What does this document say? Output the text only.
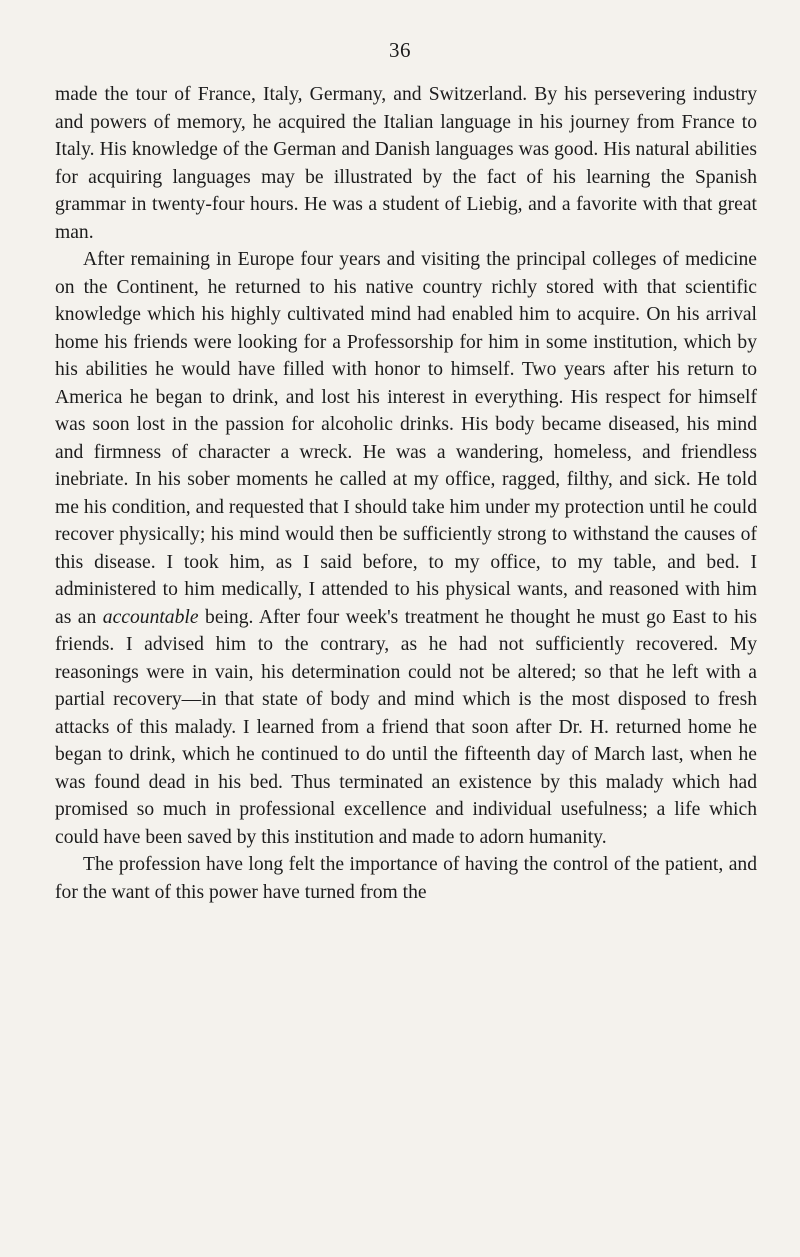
36

made the tour of France, Italy, Germany, and Switzerland. By his persevering industry and powers of memory, he acquired the Italian language in his journey from France to Italy. His knowledge of the German and Danish languages was good. His natural abilities for acquiring languages may be illustrated by the fact of his learning the Spanish grammar in twenty-four hours. He was a student of Liebig, and a favorite with that great man.

After remaining in Europe four years and visiting the principal colleges of medicine on the Continent, he returned to his native country richly stored with that scientific knowledge which his highly cultivated mind had enabled him to acquire. On his arrival home his friends were looking for a Professorship for him in some institution, which by his abilities he would have filled with honor to himself. Two years after his return to America he began to drink, and lost his interest in everything. His respect for himself was soon lost in the passion for alcoholic drinks. His body became diseased, his mind and firmness of character a wreck. He was a wandering, homeless, and friendless inebriate. In his sober moments he called at my office, ragged, filthy, and sick. He told me his condition, and requested that I should take him under my protection until he could recover physically; his mind would then be sufficiently strong to withstand the causes of this disease. I took him, as I said before, to my office, to my table, and bed. I administered to him medically, I attended to his physical wants, and reasoned with him as an accountable being. After four week's treatment he thought he must go East to his friends. I advised him to the contrary, as he had not sufficiently recovered. My reasonings were in vain, his determination could not be altered; so that he left with a partial recovery—in that state of body and mind which is the most disposed to fresh attacks of this malady. I learned from a friend that soon after Dr. H. returned home he began to drink, which he continued to do until the fifteenth day of March last, when he was found dead in his bed. Thus terminated an existence by this malady which had promised so much in professional excellence and individual usefulness; a life which could have been saved by this institution and made to adorn humanity.

The profession have long felt the importance of having the control of the patient, and for the want of this power have turned from the
